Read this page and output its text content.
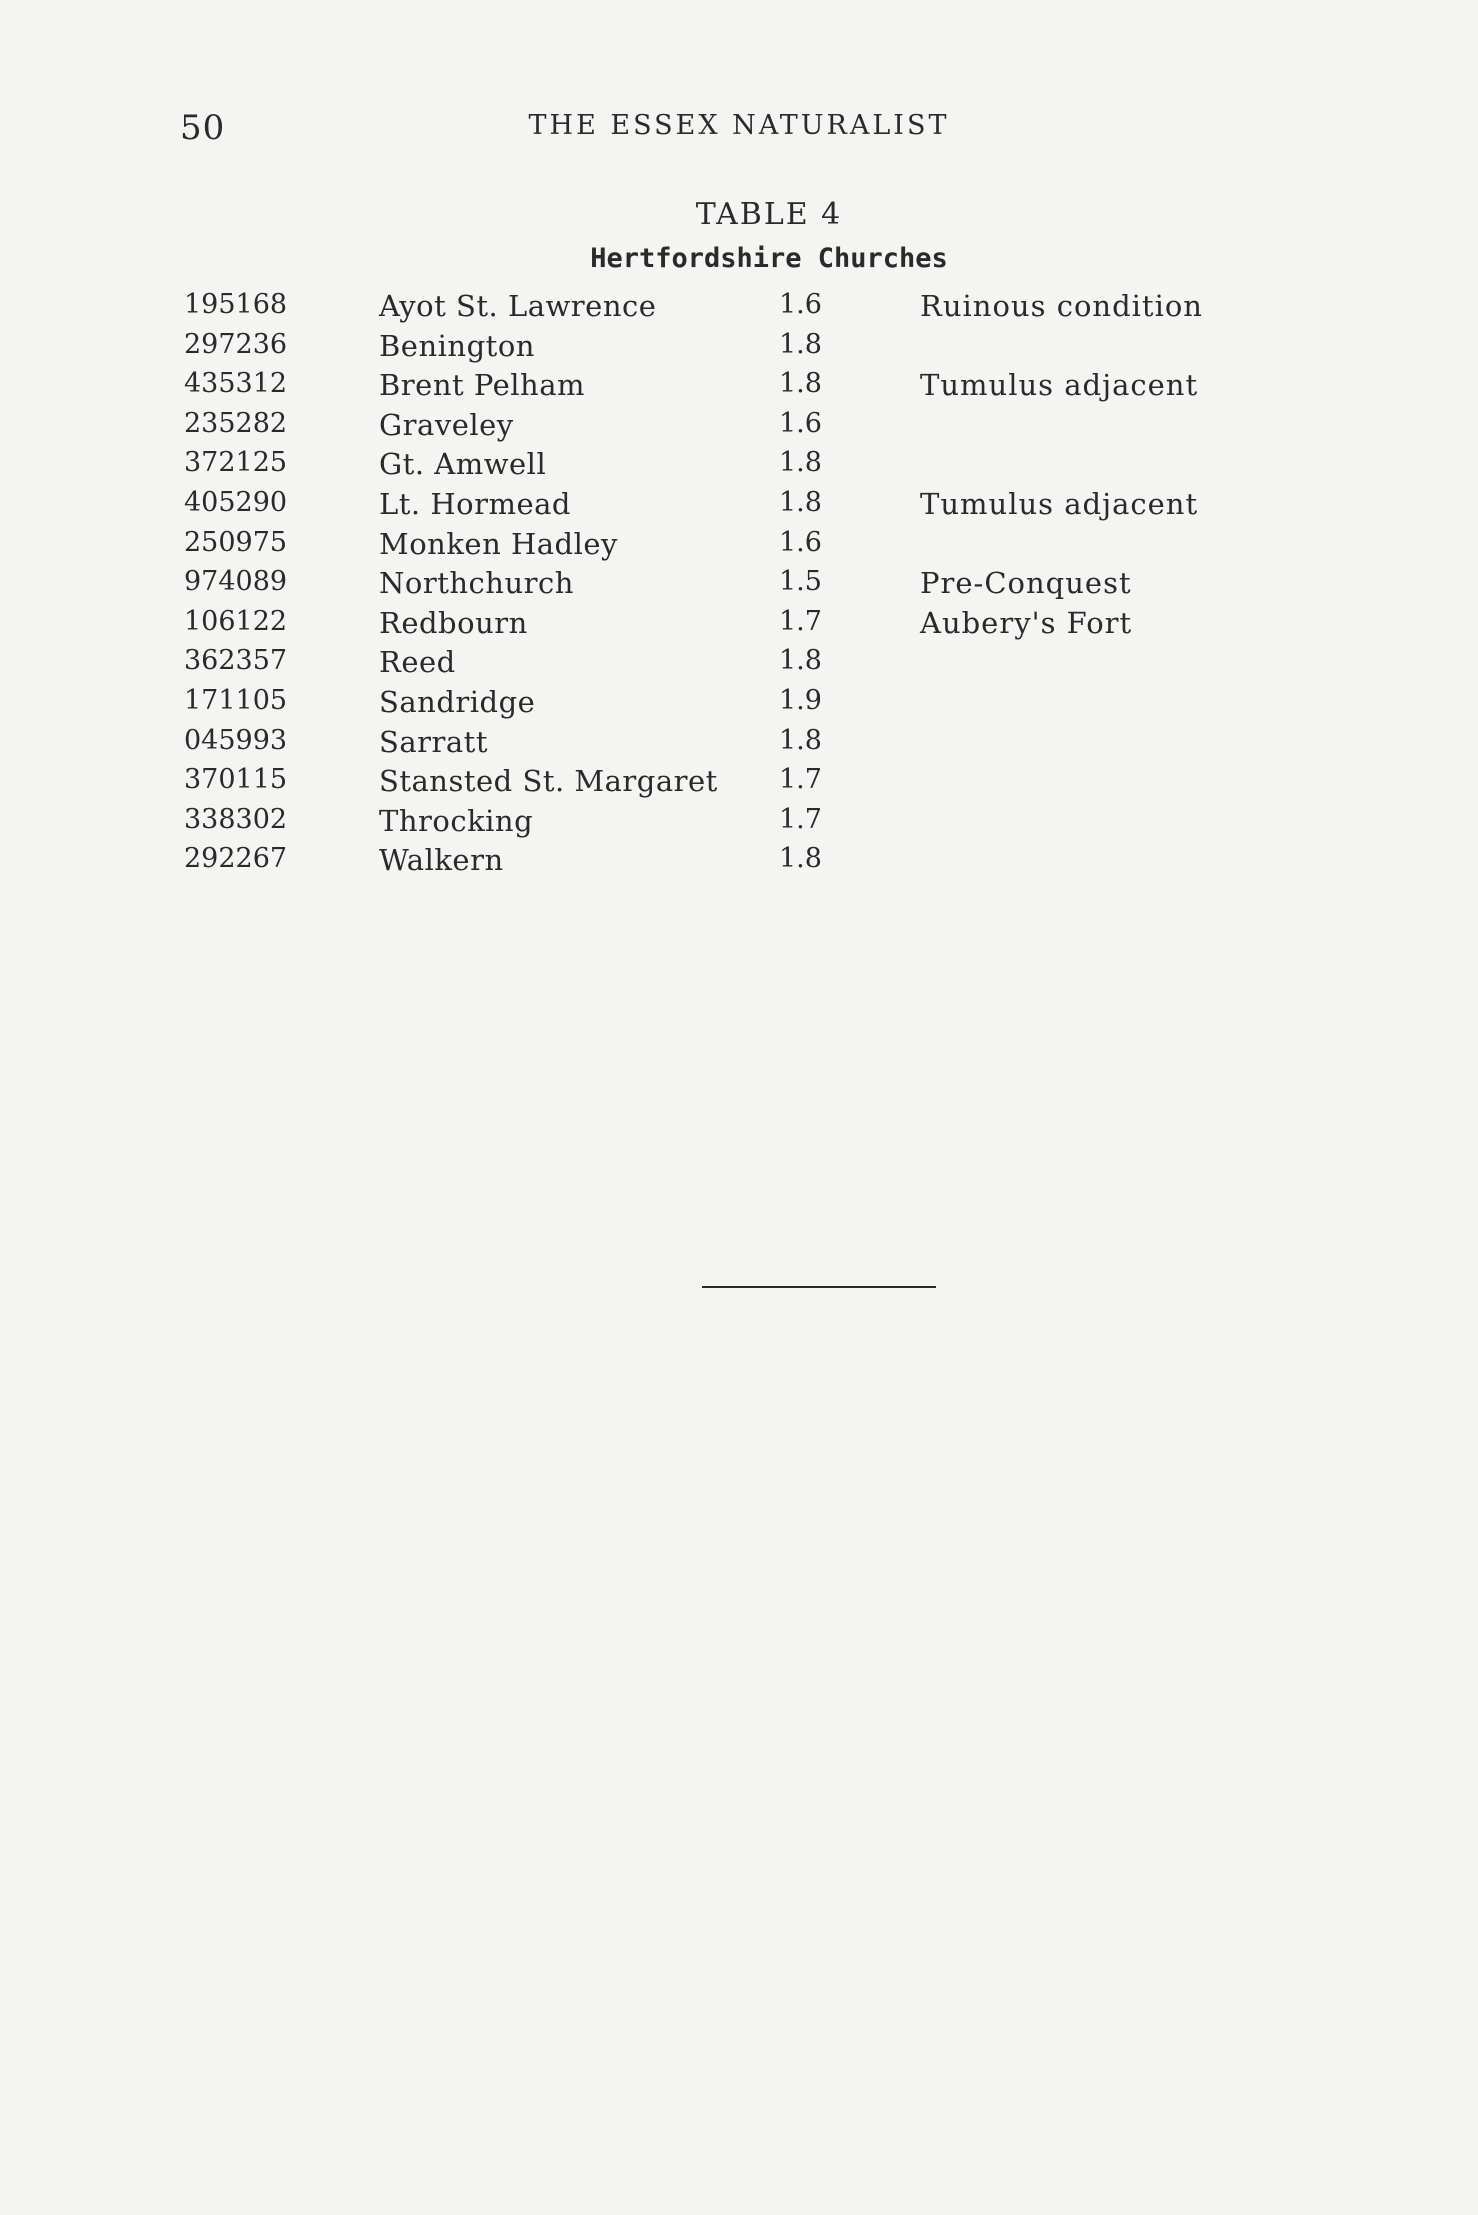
50	THE ESSEX NATURALIST
TABLE 4
Hertfordshire Churches
195168	Ayot St. Lawrence	1.6	Ruinous condition
297236	Benington	1.8
435312	Brent Pelham	1.8	Tumulus adjacent
235282	Graveley	1.6
372125	Gt. Amwell	1.8
405290	Lt. Hormead	1.8	Tumulus adjacent
250975	Monken Hadley	1.6
974089	Northchurch	1.5	Pre-Conquest
106122	Redbourn	1.7	Aubery's Fort
362357	Reed	1.8
171105	Sandridge	1.9
045993	Sarratt	1.8
370115	Stansted St. Margaret 1.7
338302	Throcking	1.7
292267	Walkern	1.8
